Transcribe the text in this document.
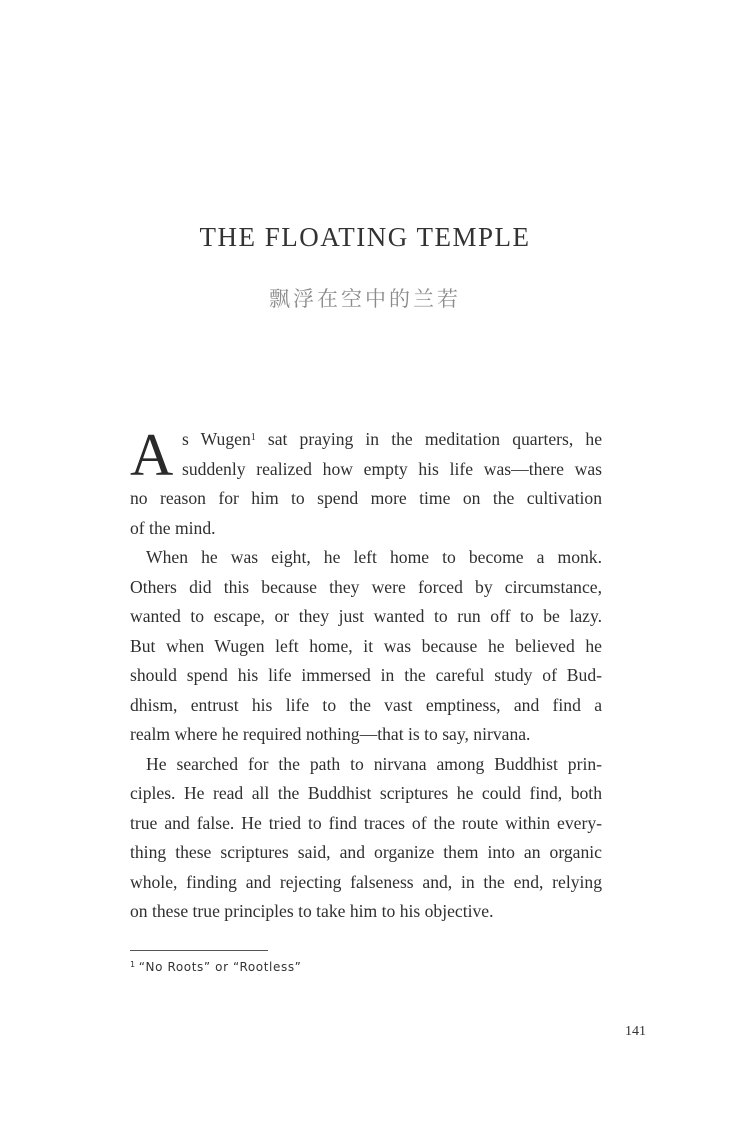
THE FLOATING TEMPLE
飘浮在空中的兰若
A s Wugen$^1$ sat praying in the meditation quarters, he
suddenly realized how empty his life was—there was
no reason for him to spend more time on the cultivation
of the mind.
When he was eight, he left home to become a monk.
Others did this because they were forced by circumstance,
wanted to escape, or they just wanted to run off to be lazy.
But when Wugen left home, it was because he believed he
should spend his life immersed in the careful study of Bud-
dhism, entrust his life to the vast emptiness, and find a
realm where he required nothing—that is to say, nirvana.
He searched for the path to nirvana among Buddhist prin-
ciples. He read all the Buddhist scriptures he could find, both
true and false. He tried to find traces of the route within every-
thing these scriptures said, and organize them into an organic
whole, finding and rejecting falseness and, in the end, relying
on these true principles to take him to his objective.
$^1$ “No Roots” or “Rootless”
141
